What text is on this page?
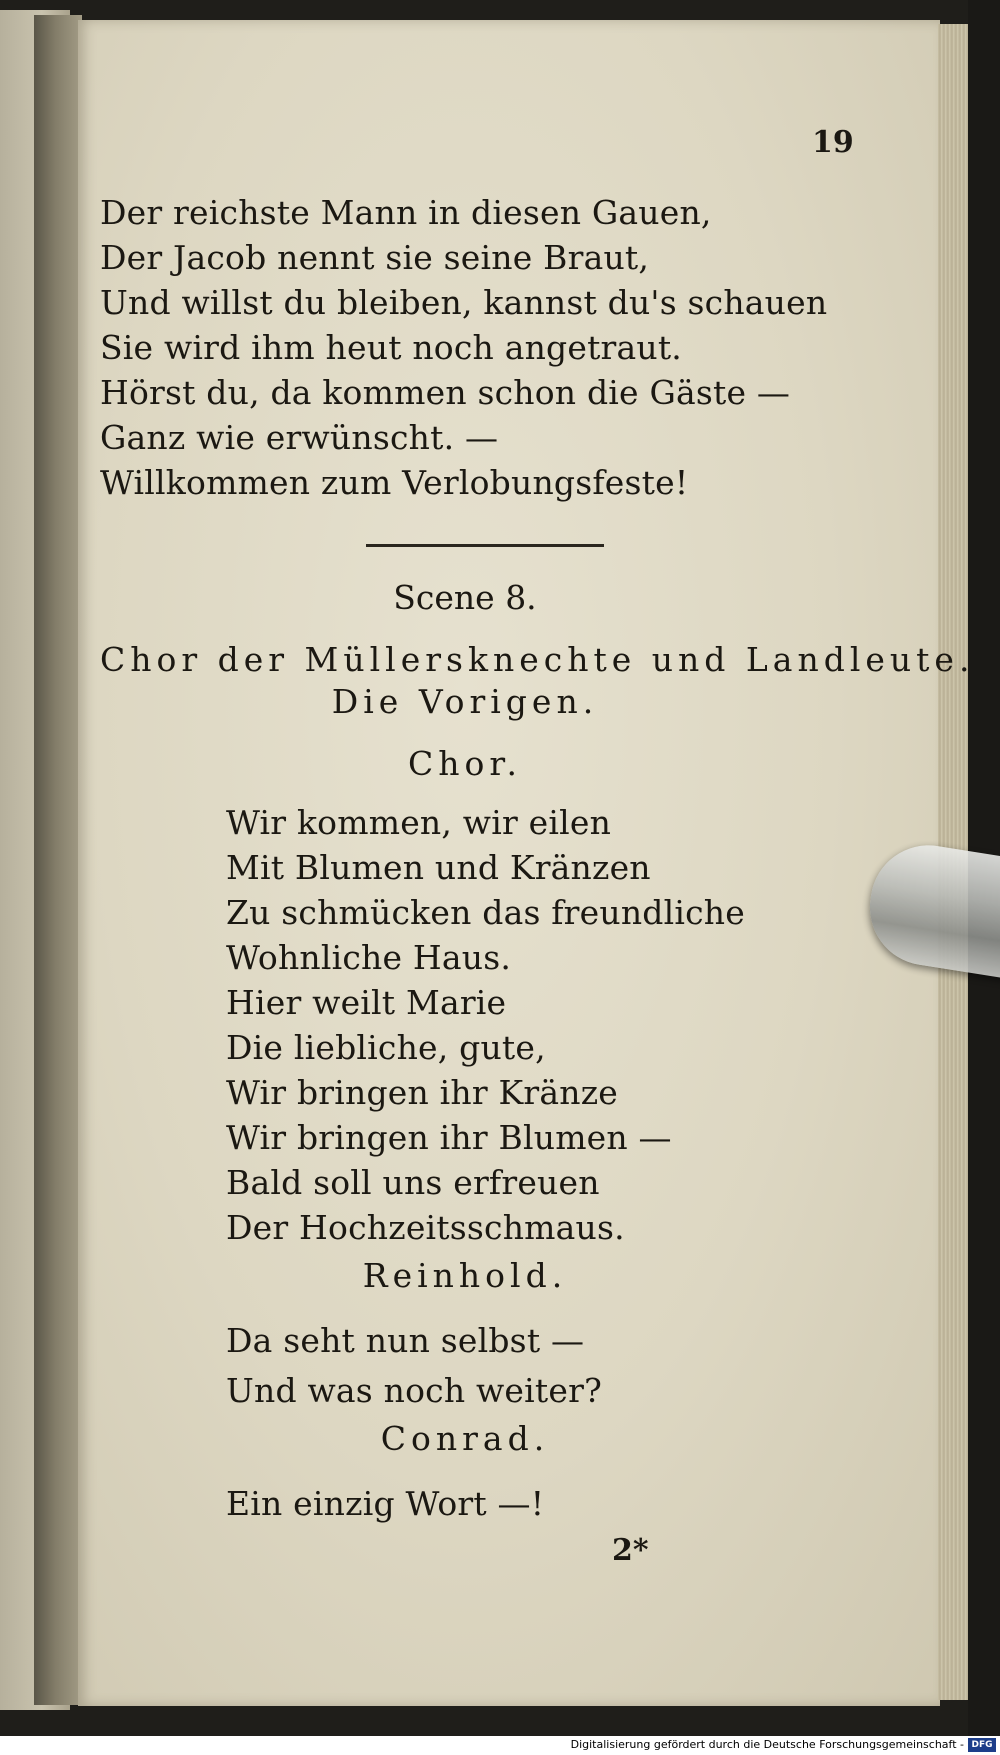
19
Der reichste Mann in diesen Gauen,
Der Jacob nennt sie seine Braut,
Und willst du bleiben, kannst du's schauen
Sie wird ihm heut noch angetraut.
Hörst du, da kommen schon die Gäste —
Ganz wie erwünscht. —
Willkommen zum Verlobungsfeste!
Scene 8.
Chor der Müllersknechte und Landleute.
Die Vorigen.
Chor.
Wir kommen, wir eilen
Mit Blumen und Kränzen
Zu schmücken das freundliche
Wohnliche Haus.
Hier weilt Marie
Die liebliche, gute,
Wir bringen ihr Kränze
Wir bringen ihr Blumen —
Bald soll uns erfreuen
Der Hochzeitsschmaus.
Reinhold.
Da seht nun selbst —
Und was noch weiter?
Conrad.
Ein einzig Wort —!
2*
Digitalisierung gefördert durch die Deutsche Forschungsgemeinschaft - DFG
